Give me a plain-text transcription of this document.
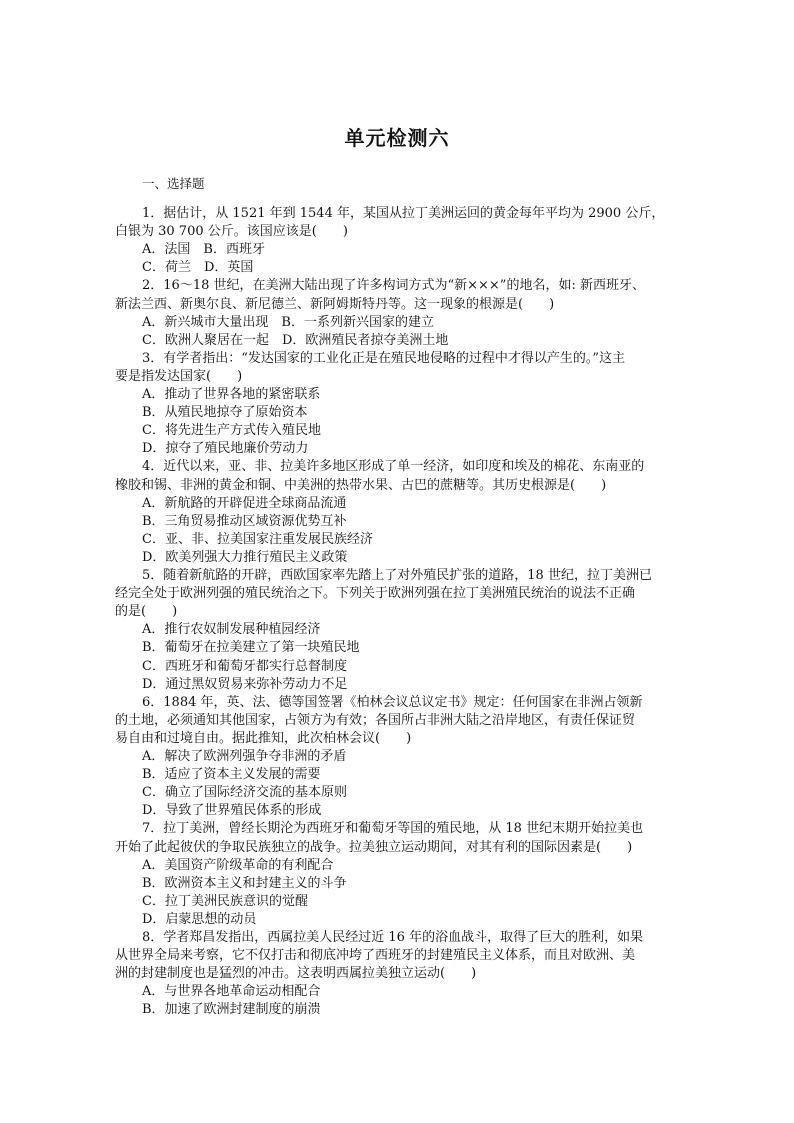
单元检测六
一、选择题
1．据估计，从 1521 年到 1544 年，某国从拉丁美洲运回的黄金每年平均为 2900 公斤，
白银为 30 700 公斤。该国应该是(　　)
A．法国　B．西班牙
C．荷兰　D．英国
2．16～18 世纪，在美洲大陆出现了许多构词方式为“新×××”的地名，如: 新西班牙、
新法兰西、新奥尔良、新尼德兰、新阿姆斯特丹等。这一现象的根源是(　　)
A．新兴城市大量出现　B．一系列新兴国家的建立
C．欧洲人聚居在一起　D．欧洲殖民者掠夺美洲土地
3．有学者指出：“发达国家的工业化正是在殖民地侵略的过程中才得以产生的。”这主
要是指发达国家(　　)
A．推动了世界各地的紧密联系
B．从殖民地掠夺了原始资本
C．将先进生产方式传入殖民地
D．掠夺了殖民地廉价劳动力
4．近代以来，亚、非、拉美许多地区形成了单一经济，如印度和埃及的棉花、东南亚的
橡胶和锡、非洲的黄金和铜、中美洲的热带水果、古巴的蔗糖等。其历史根源是(　　)
A．新航路的开辟促进全球商品流通
B．三角贸易推动区域资源优势互补
C．亚、非、拉美国家注重发展民族经济
D．欧美列强大力推行殖民主义政策
5．随着新航路的开辟，西欧国家率先踏上了对外殖民扩张的道路，18 世纪，拉丁美洲已
经完全处于欧洲列强的殖民统治之下。下列关于欧洲列强在拉丁美洲殖民统治的说法不正确
的是(　　)
A．推行农奴制发展种植园经济
B．葡萄牙在拉美建立了第一块殖民地
C．西班牙和葡萄牙都实行总督制度
D．通过黑奴贸易来弥补劳动力不足
6．1884 年，英、法、德等国签署《柏林会议总议定书》规定：任何国家在非洲占领新
的土地，必须通知其他国家，占领方为有效；各国所占非洲大陆之沿岸地区，有责任保证贸
易自由和过境自由。据此推知，此次柏林会议(　　)
A．解决了欧洲列强争夺非洲的矛盾
B．适应了资本主义发展的需要
C．确立了国际经济交流的基本原则
D．导致了世界殖民体系的形成
7．拉丁美洲，曾经长期沦为西班牙和葡萄牙等国的殖民地，从 18 世纪末期开始拉美也
开始了此起彼伏的争取民族独立的战争。拉美独立运动期间，对其有利的国际因素是(　　)
A．美国资产阶级革命的有利配合
B．欧洲资本主义和封建主义的斗争
C．拉丁美洲民族意识的觉醒
D．启蒙思想的动员
8．学者郑昌发指出，西属拉美人民经过近 16 年的浴血战斗，取得了巨大的胜利，如果
从世界全局来考察，它不仅打击和彻底冲垮了西班牙的封建殖民主义体系，而且对欧洲、美
洲的封建制度也是猛烈的冲击。这表明西属拉美独立运动(　　)
A．与世界各地革命运动相配合
B．加速了欧洲封建制度的崩溃
